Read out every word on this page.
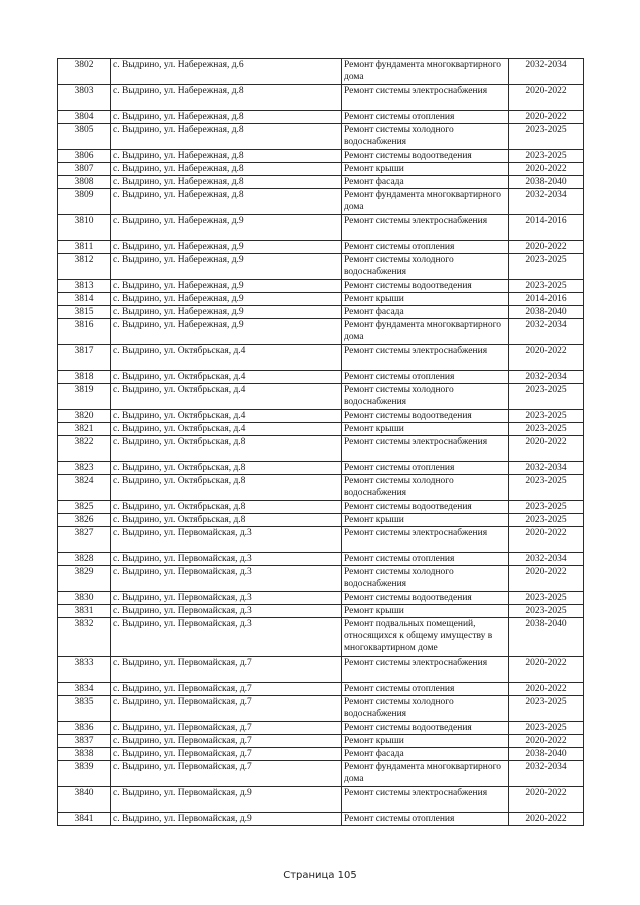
3802	с. Выдрино, ул. Набережная, д.6	Ремонт фундамента многоквартирного дома	2032-2034
3803	с. Выдрино, ул. Набережная, д.8	Ремонт системы электроснабжения	2020-2022
3804	с. Выдрино, ул. Набережная, д.8	Ремонт системы отопления	2020-2022
3805	с. Выдрино, ул. Набережная, д.8	Ремонт системы холодного водоснабжения	2023-2025
3806	с. Выдрино, ул. Набережная, д.8	Ремонт системы водоотведения	2023-2025
3807	с. Выдрино, ул. Набережная, д.8	Ремонт крыши	2020-2022
3808	с. Выдрино, ул. Набережная, д.8	Ремонт фасада	2038-2040
3809	с. Выдрино, ул. Набережная, д.8	Ремонт фундамента многоквартирного дома	2032-2034
3810	с. Выдрино, ул. Набережная, д.9	Ремонт системы электроснабжения	2014-2016
3811	с. Выдрино, ул. Набережная, д.9	Ремонт системы отопления	2020-2022
3812	с. Выдрино, ул. Набережная, д.9	Ремонт системы холодного водоснабжения	2023-2025
3813	с. Выдрино, ул. Набережная, д.9	Ремонт системы водоотведения	2023-2025
3814	с. Выдрино, ул. Набережная, д.9	Ремонт крыши	2014-2016
3815	с. Выдрино, ул. Набережная, д.9	Ремонт фасада	2038-2040
3816	с. Выдрино, ул. Набережная, д.9	Ремонт фундамента многоквартирного дома	2032-2034
3817	с. Выдрино, ул. Октябрьская, д.4	Ремонт системы электроснабжения	2020-2022
3818	с. Выдрино, ул. Октябрьская, д.4	Ремонт системы отопления	2032-2034
3819	с. Выдрино, ул. Октябрьская, д.4	Ремонт системы холодного водоснабжения	2023-2025
3820	с. Выдрино, ул. Октябрьская, д.4	Ремонт системы водоотведения	2023-2025
3821	с. Выдрино, ул. Октябрьская, д.4	Ремонт крыши	2023-2025
3822	с. Выдрино, ул. Октябрьская, д.8	Ремонт системы электроснабжения	2020-2022
3823	с. Выдрино, ул. Октябрьская, д.8	Ремонт системы отопления	2032-2034
3824	с. Выдрино, ул. Октябрьская, д.8	Ремонт системы холодного водоснабжения	2023-2025
3825	с. Выдрино, ул. Октябрьская, д.8	Ремонт системы водоотведения	2023-2025
3826	с. Выдрино, ул. Октябрьская, д.8	Ремонт крыши	2023-2025
3827	с. Выдрино, ул. Первомайская, д.3	Ремонт системы электроснабжения	2020-2022
3828	с. Выдрино, ул. Первомайская, д.3	Ремонт системы отопления	2032-2034
3829	с. Выдрино, ул. Первомайская, д.3	Ремонт системы холодного водоснабжения	2020-2022
3830	с. Выдрино, ул. Первомайская, д.3	Ремонт системы водоотведения	2023-2025
3831	с. Выдрино, ул. Первомайская, д.3	Ремонт крыши	2023-2025
3832	с. Выдрино, ул. Первомайская, д.3	Ремонт подвальных помещений, относящихся к общему имуществу в многоквартирном доме	2038-2040
3833	с. Выдрино, ул. Первомайская, д.7	Ремонт системы электроснабжения	2020-2022
3834	с. Выдрино, ул. Первомайская, д.7	Ремонт системы отопления	2020-2022
3835	с. Выдрино, ул. Первомайская, д.7	Ремонт системы холодного водоснабжения	2023-2025
3836	с. Выдрино, ул. Первомайская, д.7	Ремонт системы водоотведения	2023-2025
3837	с. Выдрино, ул. Первомайская, д.7	Ремонт крыши	2020-2022
3838	с. Выдрино, ул. Первомайская, д.7	Ремонт фасада	2038-2040
3839	с. Выдрино, ул. Первомайская, д.7	Ремонт фундамента многоквартирного дома	2032-2034
3840	с. Выдрино, ул. Первомайская, д.9	Ремонт системы электроснабжения	2020-2022
3841	с. Выдрино, ул. Первомайская, д.9	Ремонт системы отопления	2020-2022
Страница 105
